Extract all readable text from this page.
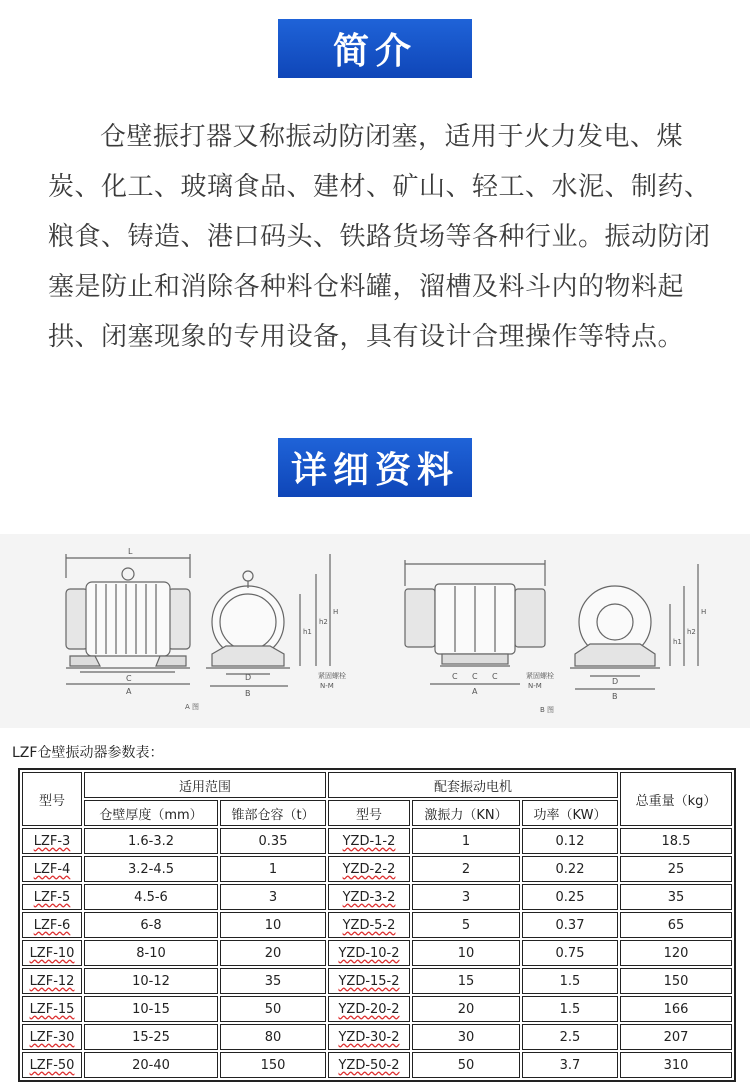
简介

仓壁振打器又称振动防闭塞，适用于火力发电、煤炭、化工、玻璃食品、建材、矿山、轻工、水泥、制药、粮食、铸造、港口码头、铁路货场等各种行业。振动防闭塞是防止和消除各种料仓料罐，溜槽及料斗内的物料起拱、闭塞现象的专用设备，具有设计合理操作等特点。

详细资料
L
C
A
A 图
D
B
h1
h2
H
紧固螺栓
N-M
C C C
A
紧固螺栓
N-M
B 图
D
B
h1
h2
H
LZF仓壁振动器参数表：
型号	适用范围		配套振动电机			总重量（kg）
	仓壁厚度（mm）	锥部仓容（t）	型号	激振力（KN）	功率（KW）	
LZF-3	1.6-3.2	0.35	YZD-1-2	1	0.12	18.5
LZF-4	3.2-4.5	1	YZD-2-2	2	0.22	25
LZF-5	4.5-6	3	YZD-3-2	3	0.25	35
LZF-6	6-8	10	YZD-5-2	5	0.37	65
LZF-10	8-10	20	YZD-10-2	10	0.75	120
LZF-12	10-12	35	YZD-15-2	15	1.5	150
LZF-15	10-15	50	YZD-20-2	20	1.5	166
LZF-30	15-25	80	YZD-30-2	30	2.5	207
LZF-50	20-40	150	YZD-50-2	50	3.7	310
